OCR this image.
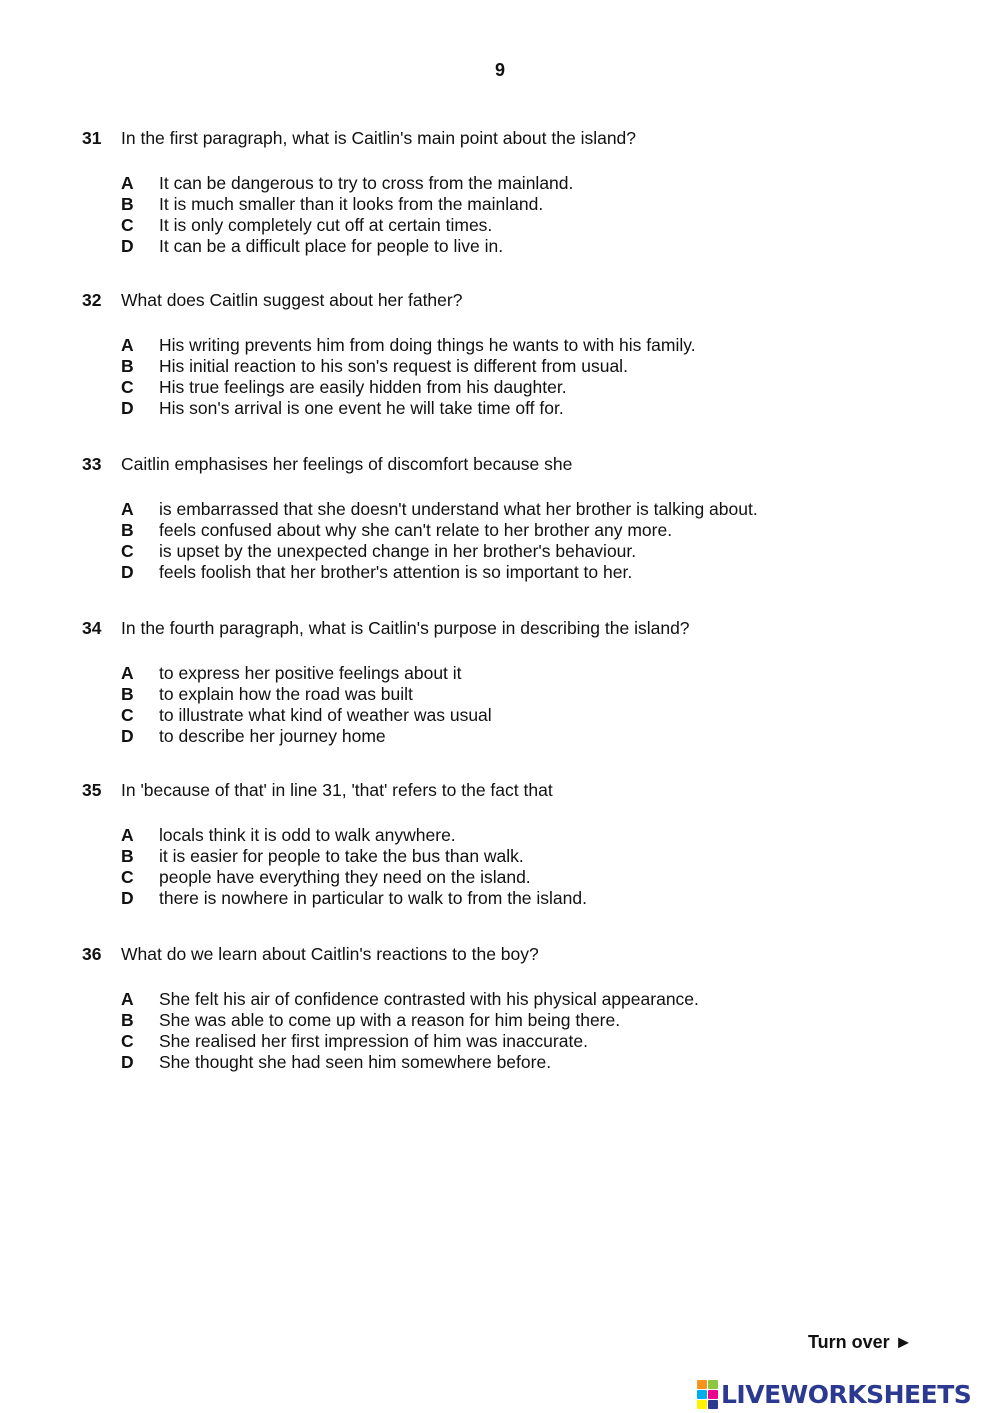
9
31 In the first paragraph, what is Caitlin's main point about the island?
A It can be dangerous to try to cross from the mainland.
B It is much smaller than it looks from the mainland.
C It is only completely cut off at certain times.
D It can be a difficult place for people to live in.
32 What does Caitlin suggest about her father?
A His writing prevents him from doing things he wants to with his family.
B His initial reaction to his son's request is different from usual.
C His true feelings are easily hidden from his daughter.
D His son's arrival is one event he will take time off for.
33 Caitlin emphasises her feelings of discomfort because she
A is embarrassed that she doesn't understand what her brother is talking about.
B feels confused about why she can't relate to her brother any more.
C is upset by the unexpected change in her brother's behaviour.
D feels foolish that her brother's attention is so important to her.
34 In the fourth paragraph, what is Caitlin's purpose in describing the island?
A to express her positive feelings about it
B to explain how the road was built
C to illustrate what kind of weather was usual
D to describe her journey home
35 In 'because of that' in line 31, 'that' refers to the fact that
A locals think it is odd to walk anywhere.
B it is easier for people to take the bus than walk.
C people have everything they need on the island.
D there is nowhere in particular to walk to from the island.
36 What do we learn about Caitlin's reactions to the boy?
A She felt his air of confidence contrasted with his physical appearance.
B She was able to come up with a reason for him being there.
C She realised her first impression of him was inaccurate.
D She thought she had seen him somewhere before.
Turn over ►
LIVEWORKSHEETS
